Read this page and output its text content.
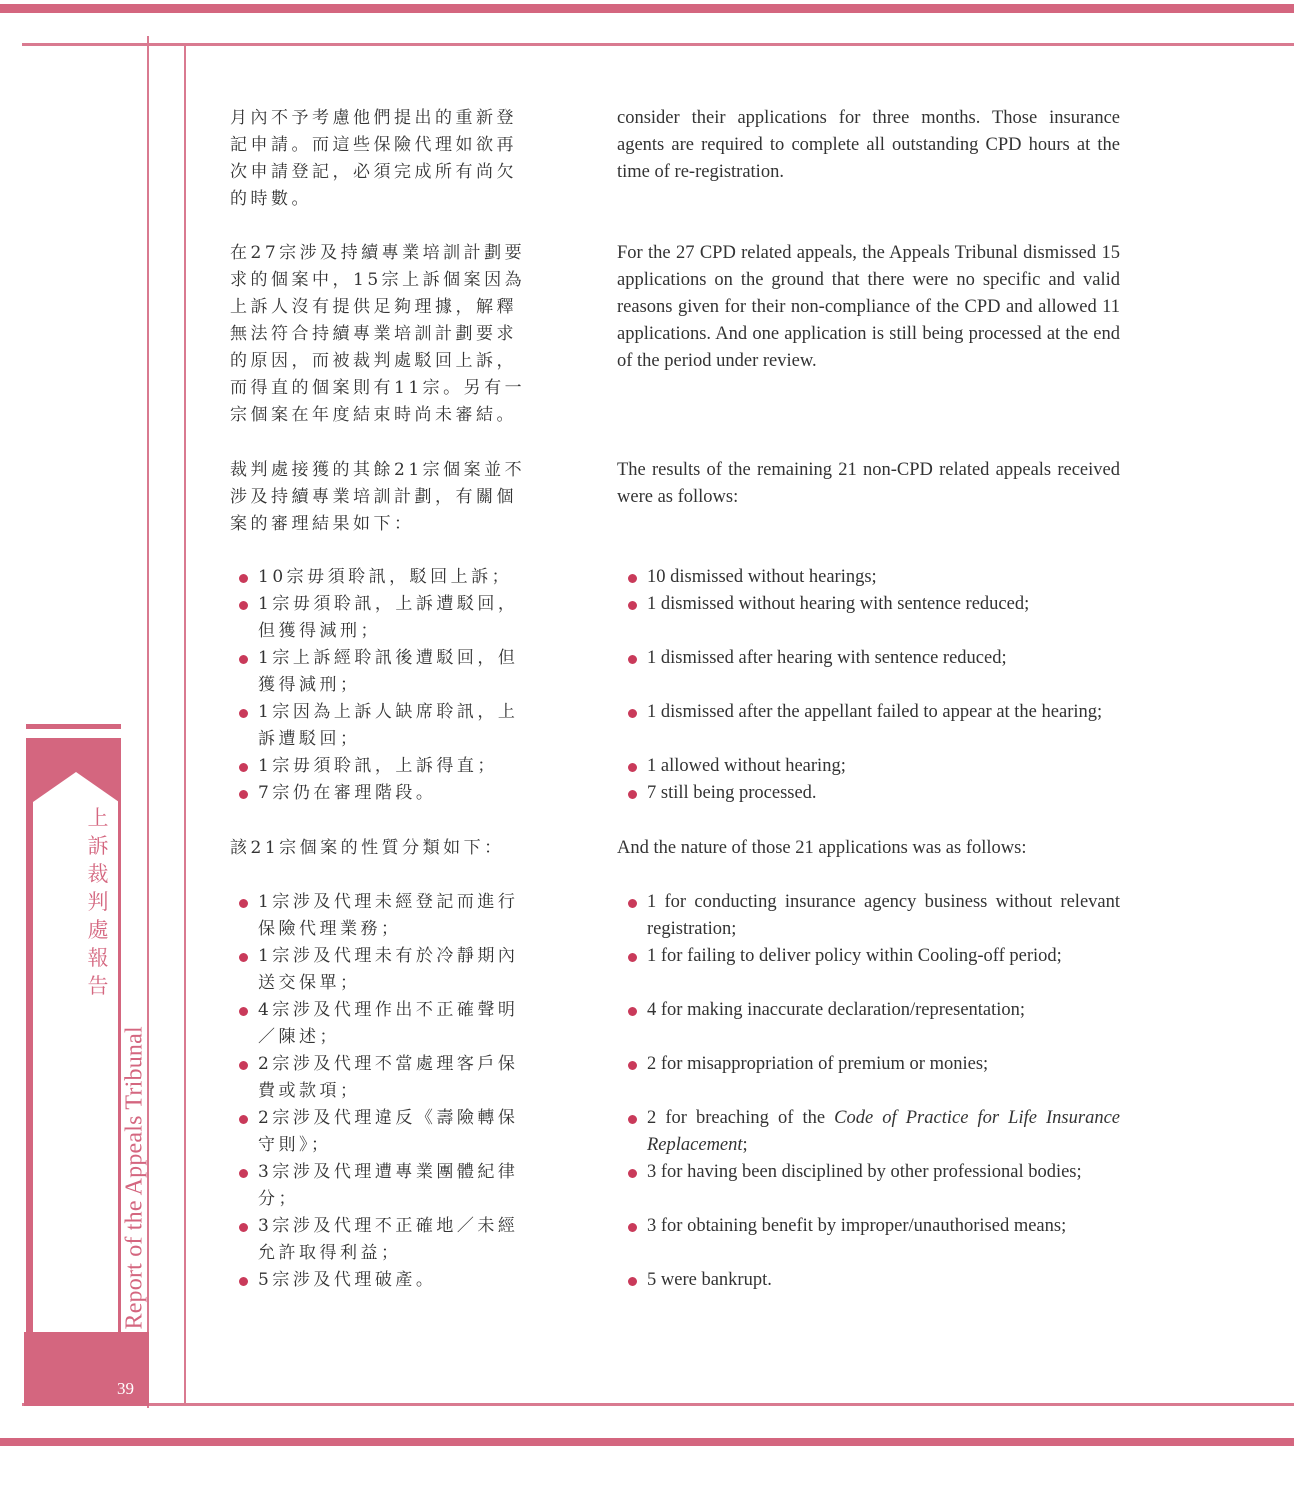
上
訴
裁
判
處
報
告
Report of the Appeals Tribunal
39
月內不予考慮他們提出的重新登記申請。而這些保險代理如欲再次申請登記，必須完成所有尚欠的時數。
在27宗涉及持續專業培訓計劃要求的個案中，15宗上訴個案因為上訴人沒有提供足夠理據，解釋無法符合持續專業培訓計劃要求的原因，而被裁判處駁回上訴，而得直的個案則有11宗。另有一宗個案在年度結束時尚未審結。
裁判處接獲的其餘21宗個案並不涉及持續專業培訓計劃，有關個案的審理結果如下：
10宗毋須聆訊，駁回上訴；
1宗毋須聆訊，上訴遭駁回，但獲得減刑；
1宗上訴經聆訊後遭駁回，但獲得減刑；
1宗因為上訴人缺席聆訊，上訴遭駁回；
1宗毋須聆訊，上訴得直；
7宗仍在審理階段。
該21宗個案的性質分類如下：
1宗涉及代理未經登記而進行保險代理業務；
1宗涉及代理未有於冷靜期內送交保單；
4宗涉及代理作出不正確聲明／陳述；
2宗涉及代理不當處理客戶保費或款項；
2宗涉及代理違反《壽險轉保守則》；
3宗涉及代理遭專業團體紀律分；
3宗涉及代理不正確地／未經允許取得利益；
5宗涉及代理破產。
consider their applications for three months. Those insurance agents are required to complete all outstanding CPD hours at the time of re-registration.
For the 27 CPD related appeals, the Appeals Tribunal dismissed 15 applications on the ground that there were no specific and valid reasons given for their non-compliance of the CPD and allowed 11 applications. And one application is still being processed at the end of the period under review.
The results of the remaining 21 non-CPD related appeals received were as follows:
10 dismissed without hearings;
1 dismissed without hearing with sentence reduced;
1 dismissed after hearing with sentence reduced;
1 dismissed after the appellant failed to appear at the hearing;
1 allowed without hearing;
7 still being processed.
And the nature of those 21 applications was as follows:
1 for conducting insurance agency business without relevant registration;
1 for failing to deliver policy within Cooling-off period;
4 for making inaccurate declaration/representation;
2 for misappropriation of premium or monies;
2 for breaching of the Code of Practice for Life Insurance Replacement;
3 for having been disciplined by other professional bodies;
3 for obtaining benefit by improper/unauthorised means;
5 were bankrupt.
